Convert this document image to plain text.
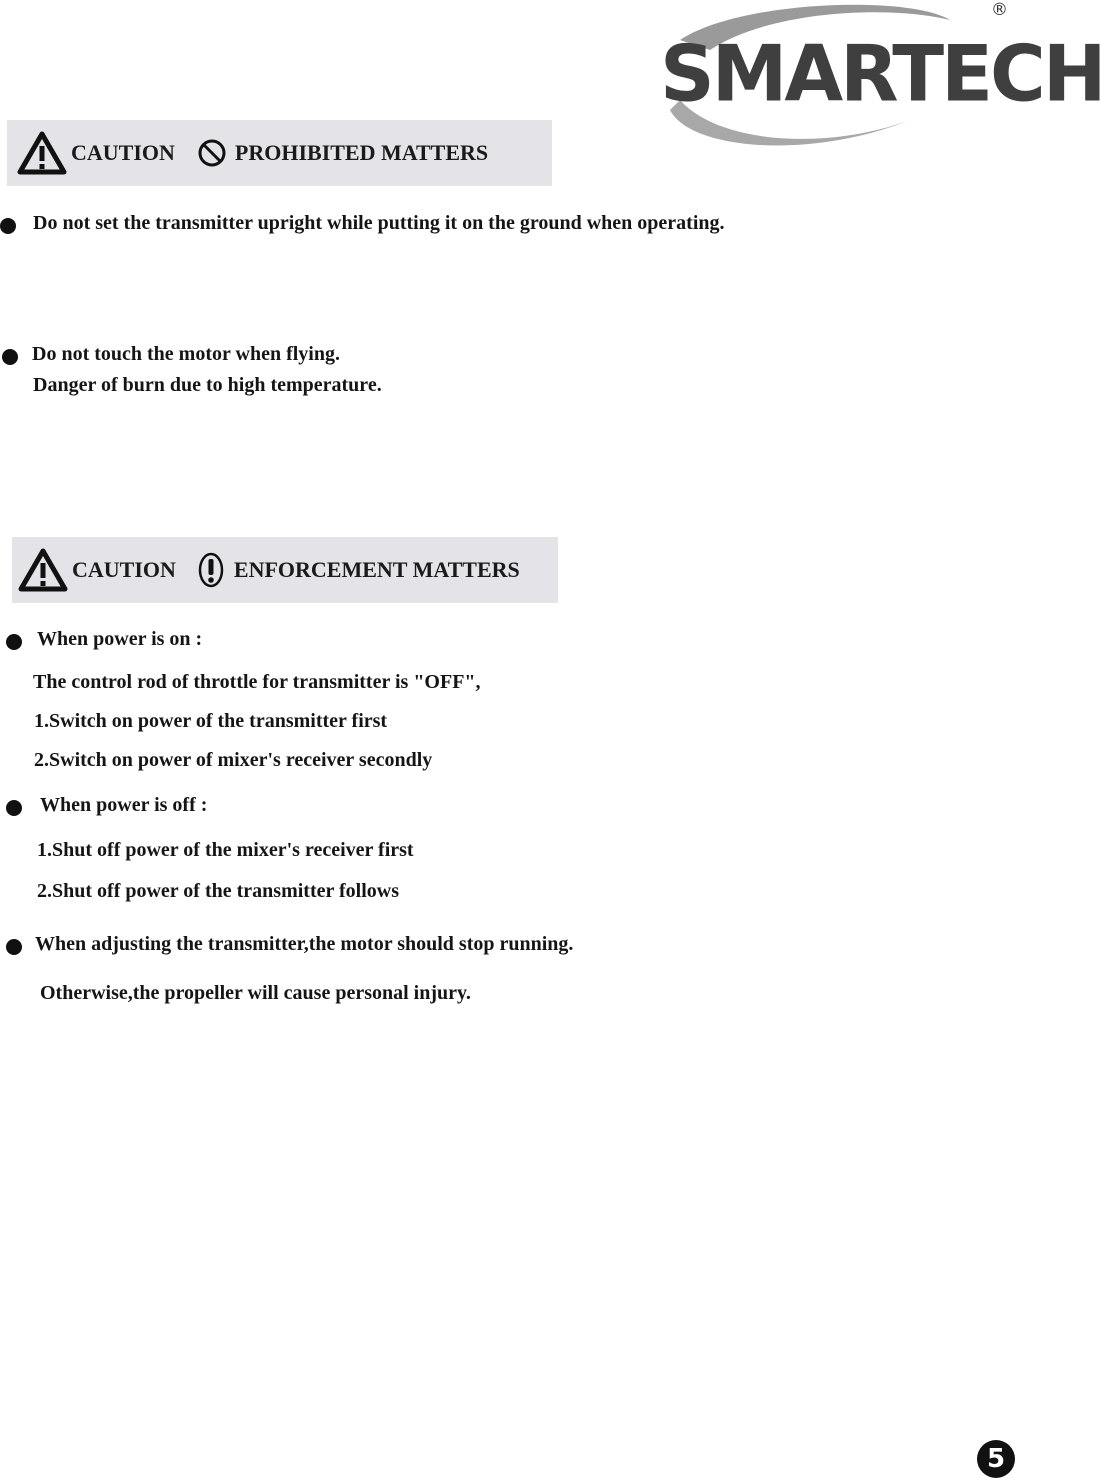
SMARTECH
®
CAUTION	PROHIBITED MATTERS
Do not set the transmitter upright while putting it on the ground when operating.
Do not touch the motor when flying.
Danger of burn due to high temperature.
CAUTION	ENFORCEMENT MATTERS
When power is on :
The control rod of throttle for transmitter is "OFF",
1.Switch on power of the transmitter first
2.Switch on power of mixer's receiver secondly
When power is off :
1.Shut off power of the mixer's receiver first
2.Shut off power of the transmitter follows
When adjusting the transmitter,the motor should stop running.
Otherwise,the propeller will cause personal injury.
5
